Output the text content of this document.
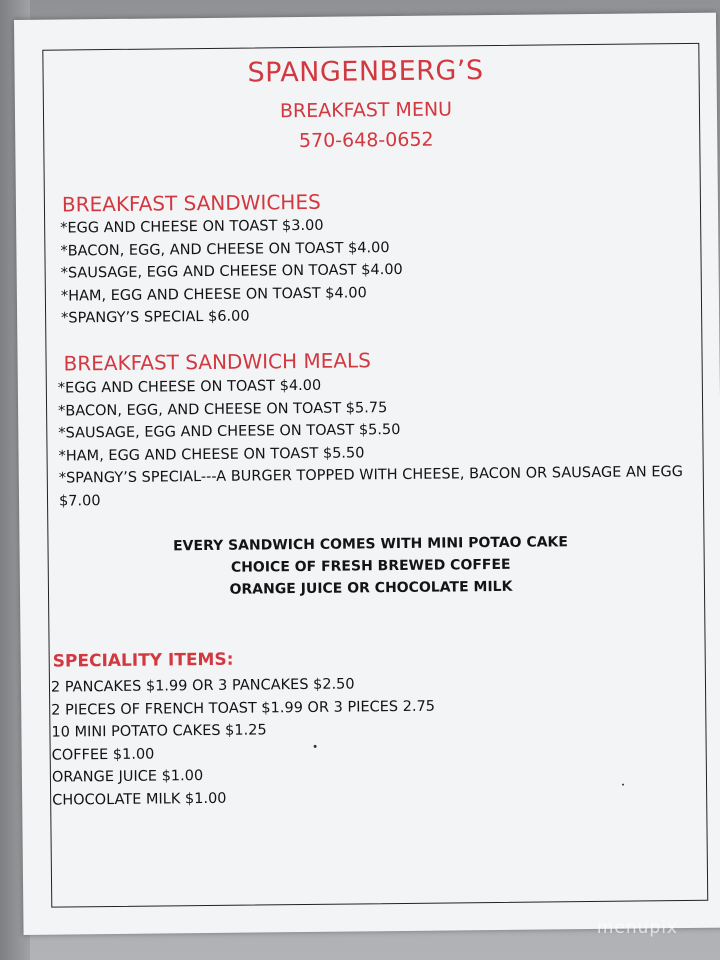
SPANGENBERG’S
BREAKFAST MENU
570-648-0652
BREAKFAST SANDWICHES
*EGG AND CHEESE ON TOAST $3.00
*BACON, EGG, AND CHEESE ON TOAST $4.00
*SAUSAGE, EGG AND CHEESE ON TOAST $4.00
*HAM, EGG AND CHEESE ON TOAST $4.00
*SPANGY’S SPECIAL $6.00
BREAKFAST SANDWICH MEALS
*EGG AND CHEESE ON TOAST $4.00
*BACON, EGG, AND CHEESE ON TOAST $5.75
*SAUSAGE, EGG AND CHEESE ON TOAST $5.50
*HAM, EGG AND CHEESE ON TOAST $5.50
*SPANGY’S SPECIAL---A BURGER TOPPED WITH CHEESE, BACON OR SAUSAGE AN EGG
$7.00
EVERY SANDWICH COMES WITH MINI POTAO CAKE
CHOICE OF FRESH BREWED COFFEE
ORANGE JUICE OR CHOCOLATE MILK
SPECIALITY ITEMS:
2 PANCAKES $1.99 OR 3 PANCAKES $2.50
2 PIECES OF FRENCH TOAST $1.99 OR 3 PIECES 2.75
10 MINI POTATO CAKES $1.25
COFFEE $1.00
ORANGE JUICE $1.00
CHOCOLATE MILK $1.00
menupix
